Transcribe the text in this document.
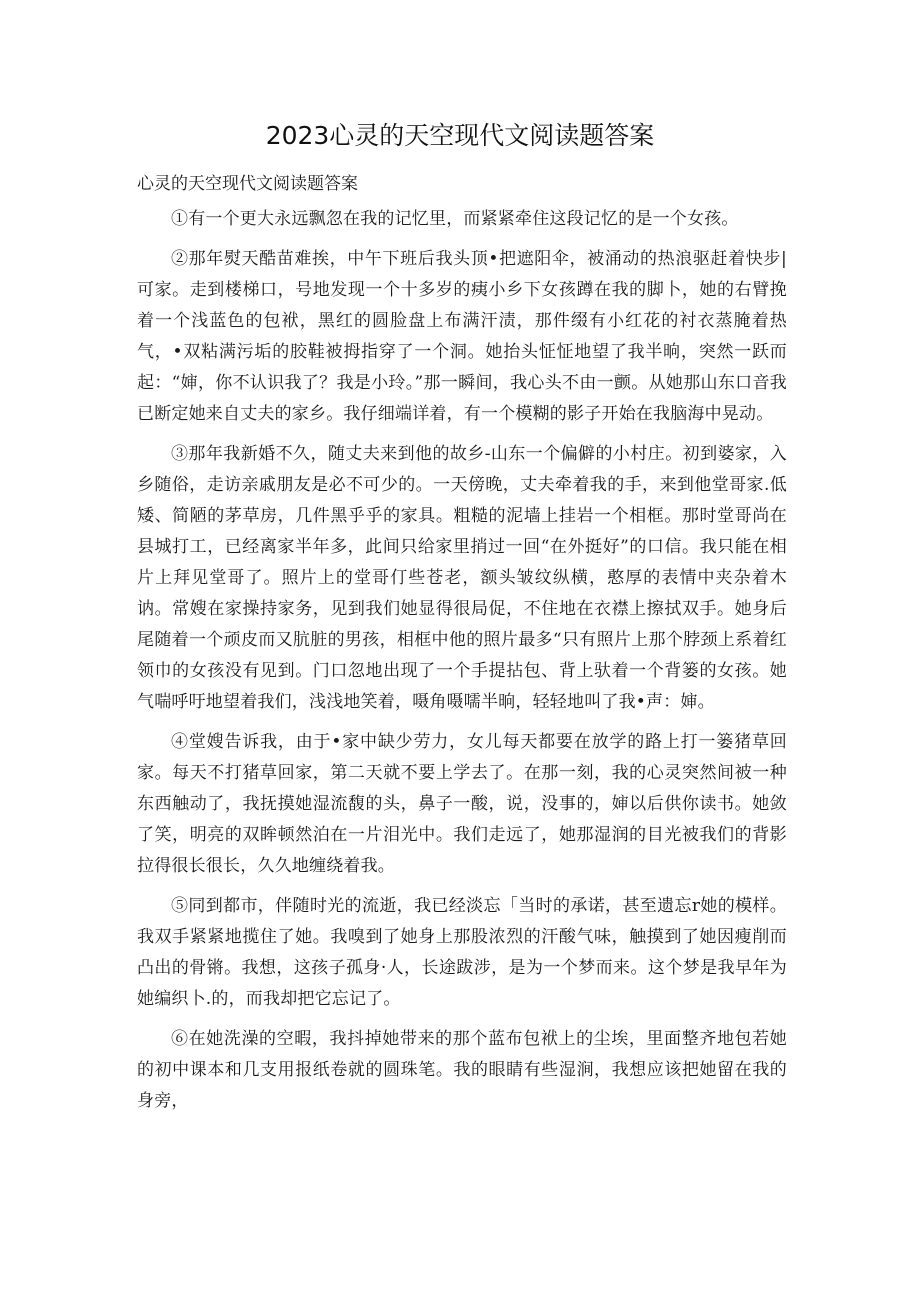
2023心灵的天空现代文阅读题答案

心灵的天空现代文阅读题答案

①有一个更大永远飘忽在我的记忆里，而紧紧牵住这段记忆的是一个女孩。

②那年熨天酷苗难挨，中午下班后我头顶•把遮阳伞，被涌动的热浪驱赶着快步|可家。走到楼梯口，号地发现一个十多岁的痍小乡下女孩蹲在我的脚卜，她的右臂挽着一个浅蓝色的包袱，黑红的圆脸盘上布满汗渍，那件缀有小红花的衬衣蒸腌着热气，•双粘满污垢的胶鞋被拇指穿了一个洞。她抬头怔怔地望了我半晌，突然一跃而起：“婶，你不认识我了？我是小玲。”那一瞬间，我心头不由一颤。从她那山东口音我已断定她来自丈夫的家乡。我仔细端详着，有一个模糊的影子开始在我脑海中晃动。

③那年我新婚不久，随丈夫来到他的故乡-山东一个偏僻的小村庄。初到婆家，入乡随俗，走访亲戚朋友是必不可少的。一天傍晚，丈夫牵着我的手，来到他堂哥家.低矮、简陋的茅草房，几件黑乎乎的家具。粗糙的泥墙上挂岩一个相框。那时堂哥尚在县城打工，已经离家半年多，此间只给家里捎过一回“在外挺好”的口信。我只能在相片上拜见堂哥了。照片上的堂哥仃些苍老，额头皱纹纵横，憨厚的表情中夹杂着木讷。常嫂在家操持家务，见到我们她显得很局促，不住地在衣襟上擦拭双手。她身后尾随着一个顽皮而又肮脏的男孩，相框中他的照片最多“只有照片上那个脖颈上系着红领巾的女孩没有见到。门口忽地出现了一个手提拈包、背上驮着一个背篓的女孩。她气喘呼吁地望着我们，浅浅地笑着，嗫角嗫嚅半晌，轻轻地叫了我•声：婶。

④堂嫂告诉我，由于•家中缺少劳力，女儿每天都要在放学的路上打一篓猪草回家。每天不打猪草回家，第二天就不要上学去了。在那一刻，我的心灵突然间被一种东西触动了，我抚摸她湿流馥的头，鼻子一酸，说，没事的，婶以后供你读书。她敛了笑，明亮的双眸顿然泊在一片泪光中。我们走远了，她那湿润的目光被我们的背影拉得很长很长，久久地缠绕着我。

⑤同到都市，伴随时光的流逝，我已经淡忘「当时的承诺，甚至遗忘r她的模样。我双手紧紧地揽住了她。我嗅到了她身上那股浓烈的汗酸气味，触摸到了她因瘦削而凸出的骨锵。我想，这孩子孤身·人，长途跋涉，是为一个梦而来。这个梦是我早年为她编织卜.的，而我却把它忘记了。

⑥在她洗澡的空暇，我抖掉她带来的那个蓝布包袱上的尘埃，里面整齐地包若她的初中课本和几支用报纸卷就的圆珠笔。我的眼睛有些湿涧，我想应该把她留在我的身旁，
